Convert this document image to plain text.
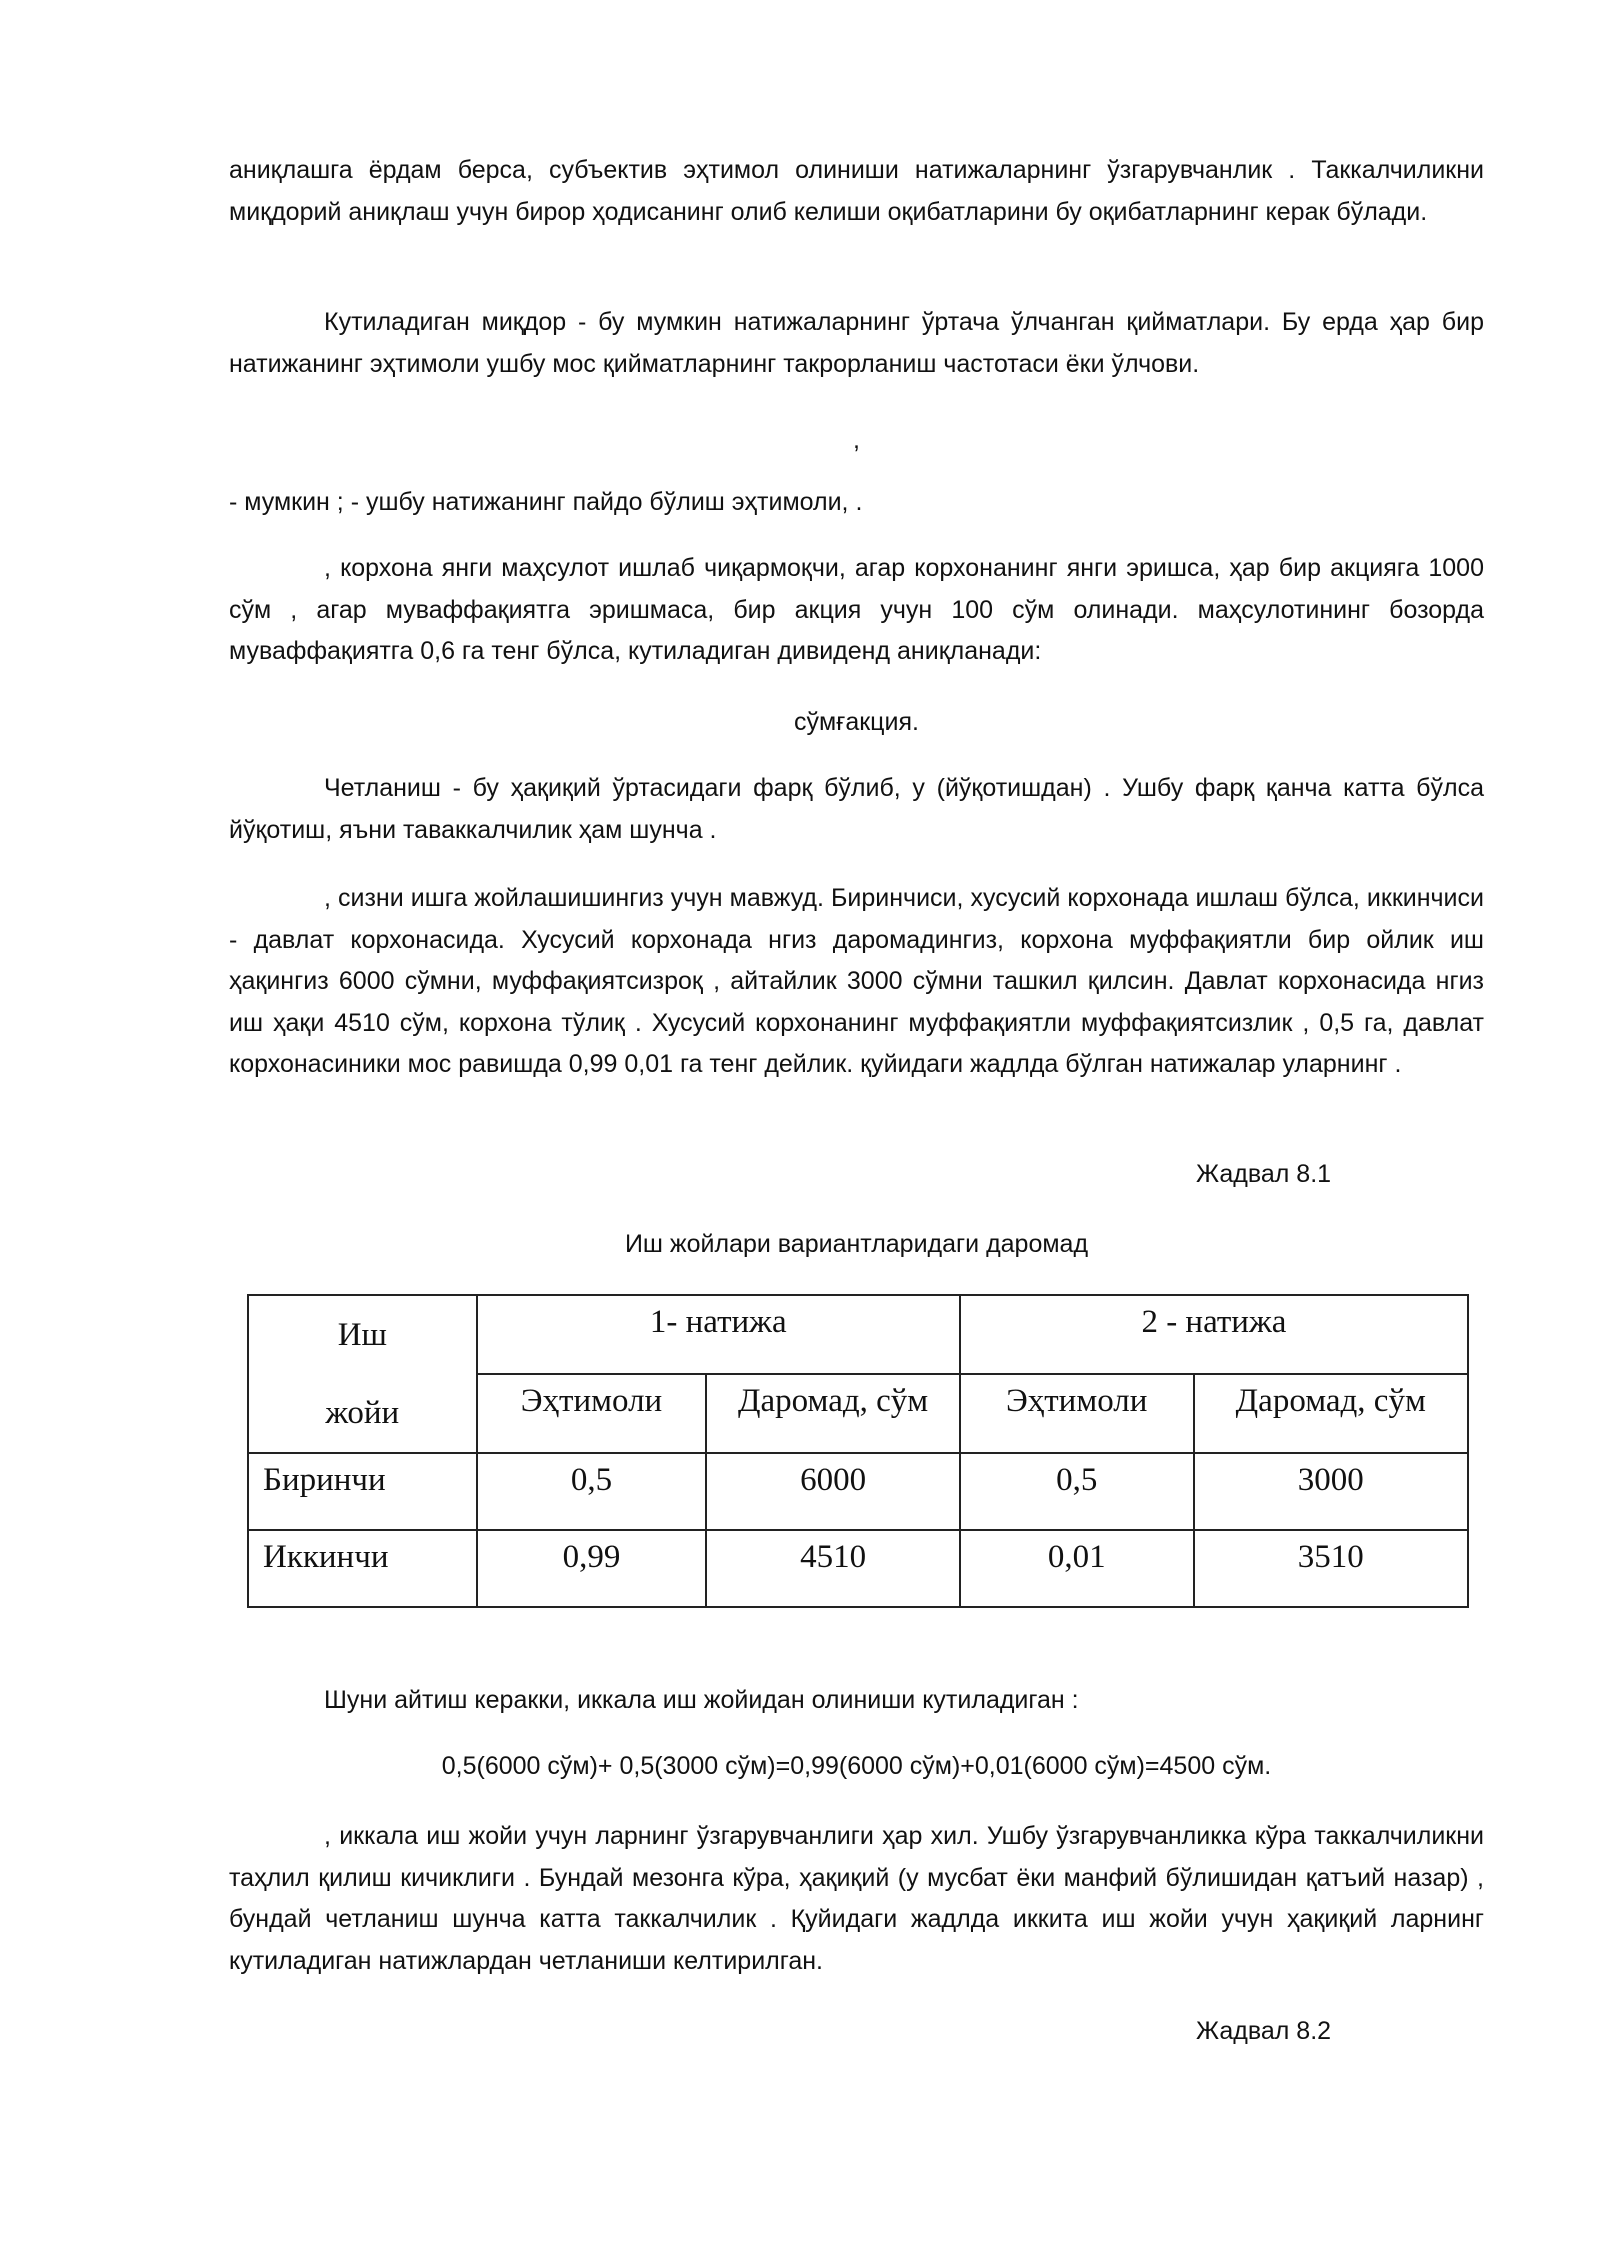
аниқлашга ёрдам берса, субъектив эҳтимол олиниши натижаларнинг ўзгарувчанлик . Таккалчиликни миқдорий аниқлаш учун бирор ҳодисанинг олиб келиши оқибатларини бу оқибатларнинг керак бўлади.

Кутиладиган миқдор - бу мумкин натижаларнинг ўртача ўлчанган қийматлари. Бу ерда ҳар бир натижанинг эҳтимоли ушбу мос қийматларнинг такрорланиш частотаси ёки ўлчови.

,

- мумкин ; - ушбу натижанинг пайдо бўлиш эҳтимоли, .

, корхона янги маҳсулот ишлаб чиқармоқчи, агар корхонанинг янги эришса, ҳар бир акцияга 1000 сўм , агар муваффақиятга эришмаса, бир акция учун 100 сўм олинади. маҳсулотининг бозорда муваффақиятга 0,6 га тенг бўлса, кутиладиган дивиденд аниқланади:

сўмғакция.

Четланиш - бу ҳақиқий ўртасидаги фарқ бўлиб, у (йўқотишдан) . Ушбу фарқ қанча катта бўлса йўқотиш, яъни таваккалчилик ҳам шунча .

, сизни ишга жойлашишингиз учун мавжуд. Биринчиси, хусусий корхонада ишлаш бўлса, иккинчиси - давлат корхонасида. Хусусий корхонада нгиз даромадингиз, корхона муффақиятли бир ойлик иш ҳақингиз 6000 сўмни, муффақиятсизроқ , айтайлик 3000 сўмни ташкил қилсин. Давлат корхонасида нгиз иш ҳақи 4510 сўм, корхона тўлиқ . Хусусий корхонанинг муффақиятли муффақиятсизлик , 0,5 га, давлат корхонасиники мос равишда 0,99 0,01 га тенг дейлик. қуйидаги жадлда бўлган натижалар уларнинг .

Жадвал 8.1

Иш жойлари вариантларидаги даромад

Иш
жойи	1- натижа		2 - натижа	

	Эҳтимоли	Даромад, сўм	Эҳтимоли	Даромад, сўм

Биринчи	0,5	6000	0,5	3000

Иккинчи	0,99	4510	0,01	3510

Шуни айтиш керакки, иккала иш жойидан олиниши кутиладиган :

0,5(6000 сўм)+ 0,5(3000 сўм)=0,99(6000 сўм)+0,01(6000 сўм)=4500 сўм.

, иккала иш жойи учун ларнинг ўзгарувчанлиги ҳар хил. Ушбу ўзгарувчанликка кўра таккалчиликни таҳлил қилиш кичиклиги . Бундай мезонга кўра, ҳақиқий (у мусбат ёки манфий бўлишидан қатъий назар) , бундай четланиш шунча катта таккалчилик . Қуйидаги жадлда иккита иш жойи учун ҳақиқий ларнинг кутиладиган натижлардан четланиши келтирилган.

Жадвал 8.2
